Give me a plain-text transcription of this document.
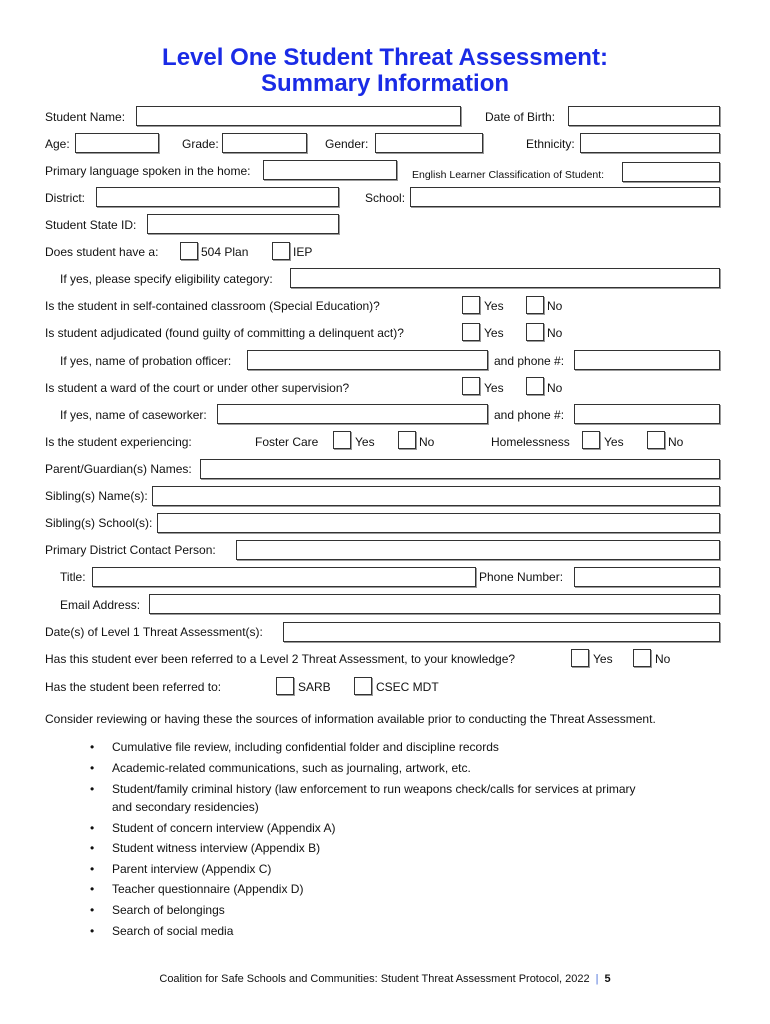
Level One Student Threat Assessment:
Summary Information
Student Name:	Date of Birth:
Age:	Grade:	Gender:	Ethnicity:
Primary language spoken in the home:	English Learner Classification of Student:
District:	School:
Student State ID:
Does student have a:	504 Plan	IEP
If yes, please specify eligibility category:
Is the student in self-contained classroom (Special Education)?	Yes	No
Is student adjudicated (found guilty of committing a delinquent act)?	Yes	No
If yes, name of probation officer:	and phone #:
Is student a ward of the court or under other supervision?	Yes	No
If yes, name of caseworker:	and phone #:
Is the student experiencing:	Foster Care	Yes	No	Homelessness	Yes	No
Parent/Guardian(s) Names:
Sibling(s) Name(s):
Sibling(s) School(s):
Primary District Contact Person:
Title:	Phone Number:
Email Address:
Date(s) of Level 1 Threat Assessment(s):
Has this student ever been referred to a Level 2 Threat Assessment, to your knowledge?	Yes	No
Has the student been referred to:	SARB	CSEC MDT
Consider reviewing or having these the sources of information available prior to conducting the Threat Assessment.
• Cumulative file review, including confidential folder and discipline records
• Academic-related communications, such as journaling, artwork, etc.
• Student/family criminal history (law enforcement to run weapons check/calls for services at primary
and secondary residencies)
• Student of concern interview (Appendix A)
• Student witness interview (Appendix B)
• Parent interview (Appendix C)
• Teacher questionnaire (Appendix D)
• Search of belongings
• Search of social media
Coalition for Safe Schools and Communities: Student Threat Assessment Protocol, 2022 | 5
